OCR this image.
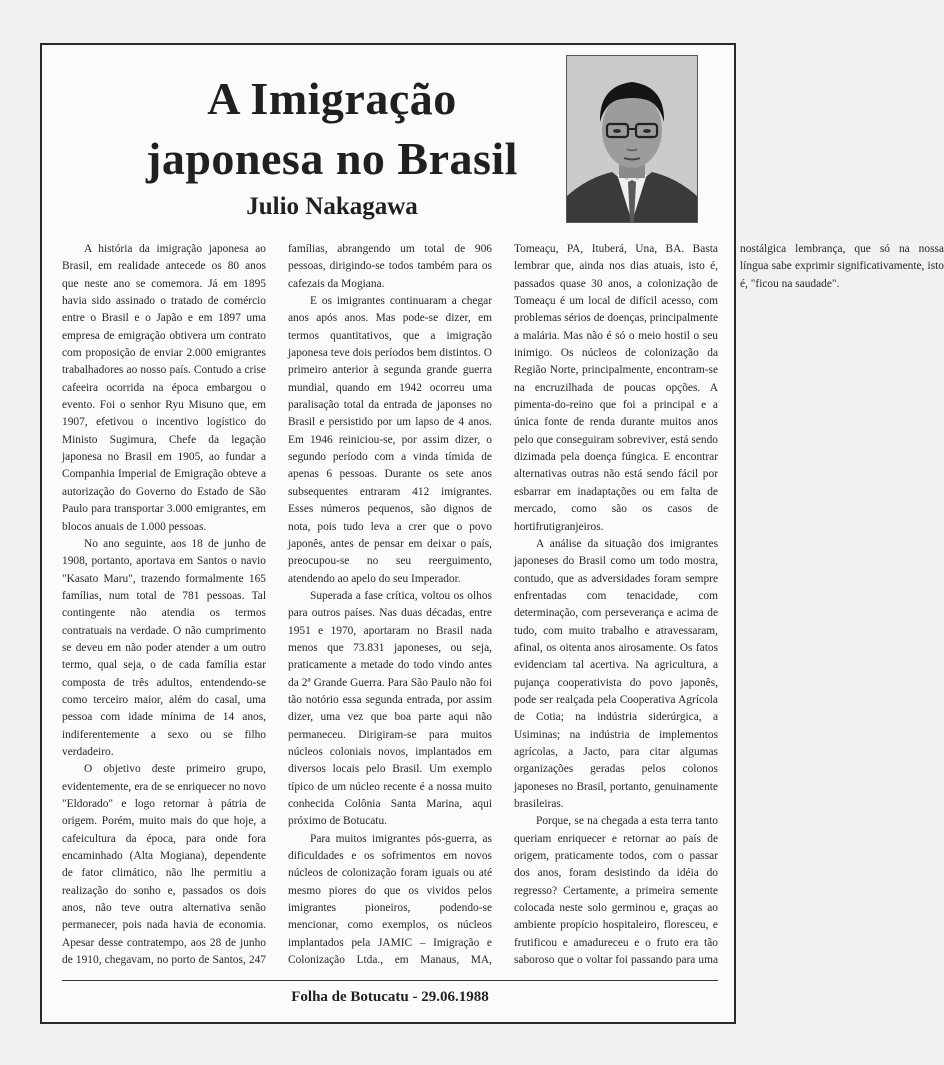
A Imigração
japonesa no Brasil
Julio Nakagawa

A história da imigração japonesa ao Brasil, em realidade antecede os 80 anos que neste ano se comemora. Já em 1895 havia sido assinado o tratado de comércio entre o Brasil e o Japão e em 1897 uma empresa de emigração obtivera um contrato com proposição de enviar 2.000 emigrantes trabalhadores ao nosso país. Contudo a crise cafeeira ocorrida na época embargou o evento. Foi o senhor Ryu Misuno que, em 1907, efetivou o incentivo logístico do Ministo Sugimura, Chefe da legação japonesa no Brasil em 1905, ao fundar a Companhia Imperial de Emigração obteve a autorização do Governo do Estado de São Paulo para transportar 3.000 emigrantes, em blocos anuais de 1.000 pessoas.

No ano seguinte, aos 18 de junho de 1908, portanto, aportava em Santos o navio "Kasato Maru", trazendo formalmente 165 famílias, num total de 781 pessoas. Tal contingente não atendia os termos contratuais na verdade. O não cumprimento se deveu em não poder atender a um outro termo, qual seja, o de cada família estar composta de três adultos, entendendo-se como terceiro maior, além do casal, uma pessoa com idade mínima de 14 anos, indiferentemente a sexo ou se filho verdadeiro.

O objetivo deste primeiro grupo, evidentemente, era de se enriquecer no novo "Eldorado" e logo retornar à pátria de origem. Porém, muito mais do que hoje, a cafeicultura da época, para onde fora encaminhado (Alta Mogiana), dependente de fator climático, não lhe permitiu a realização do sonho e, passados os dois anos, não teve outra alternativa senão permanecer, pois nada havia de economia. Apesar desse contratempo, aos 28 de junho de 1910, chegavam, no porto de Santos, 247 famílias, abrangendo um total de 906 pessoas, dirigindo-se todos também para os cafezais da Mogiana.

E os imigrantes continuaram a chegar anos após anos. Mas pode-se dizer, em termos quantitativos, que a imigração japonesa teve dois períodos bem distintos. O primeiro anterior à segunda grande guerra mundial, quando em 1942 ocorreu uma paralisação total da entrada de japonses no Brasil e persistido por um lapso de 4 anos. Em 1946 reiniciou-se, por assim dizer, o segundo período com a vinda tímida de apenas 6 pessoas. Durante os sete anos subsequentes entraram 412 imigrantes. Esses números pequenos, são dignos de nota, pois tudo leva a crer que o povo japonês, antes de pensar em deixar o país, preocupou-se no seu reerguimento, atendendo ao apelo do seu Imperador.

Superada a fase crítica, voltou os olhos para outros países. Nas duas décadas, entre 1951 e 1970, aportaram no Brasil nada menos que 73.831 japoneses, ou seja, praticamente a metade do todo vindo antes da 2ª Grande Guerra. Para São Paulo não foi tão notório essa segunda entrada, por assim dizer, uma vez que boa parte aqui não permaneceu. Dirigiram-se para muitos núcleos coloniais novos, implantados em diversos locais pelo Brasil. Um exemplo típico de um núcleo recente é a nossa muito conhecida Colônia Santa Marina, aqui próximo de Botucatu.

Para muitos imigrantes pós-guerra, as dificuldades e os sofrimentos em novos núcleos de colonização foram iguais ou até mesmo piores do que os vividos pelos imigrantes pioneiros, podendo-se mencionar, como exemplos, os núcleos implantados pela JAMIC – Imigração e Colonização Ltda., em Manaus, MA, Tomeaçu, PA, Ituberá, Una, BA. Basta lembrar que, ainda nos dias atuais, isto é, passados quase 30 anos, a colonização de Tomeaçu é um local de difícil acesso, com problemas sérios de doenças, principalmente a malária. Mas não é só o meio hostil o seu inimigo. Os núcleos de colonização da Região Norte, principalmente, encontram-se na encruzilhada de poucas opções. A pimenta-do-reino que foi a principal e a única fonte de renda durante muitos anos pelo que conseguiram sobreviver, está sendo dizimada pela doença fúngica. E encontrar alternativas outras não está sendo fácil por esbarrar em inadaptações ou em falta de mercado, como são os casos de hortifrutigranjeiros.

A análise da situação dos imigrantes japoneses do Brasil como um todo mostra, contudo, que as adversidades foram sempre enfrentadas com tenacidade, com determinação, com perseverança e acima de tudo, com muito trabalho e atravessaram, afinal, os oitenta anos airosamente. Os fatos evidenciam tal acertiva. Na agricultura, a pujança cooperativista do povo japonês, pode ser realçada pela Cooperativa Agrícola de Cotia; na indústria siderúrgica, a Usiminas; na indústria de implementos agrícolas, a Jacto, para citar algumas organizações geradas pelos colonos japoneses no Brasil, portanto, genuinamente brasileiras.

Porque, se na chegada a esta terra tanto queriam enriquecer e retornar ao país de origem, praticamente todos, com o passar dos anos, foram desistindo da idéia do regresso? Certamente, a primeira semente colocada neste solo germinou e, graças ao ambiente propício hospitaleiro, floresceu, e frutificou e amadureceu e o fruto era tão saboroso que o voltar foi passando para uma nostálgica lembrança, que só na nossa língua sabe exprimir significativamente, isto é, "ficou na saudade".

Folha de Botucatu - 29.06.1988
